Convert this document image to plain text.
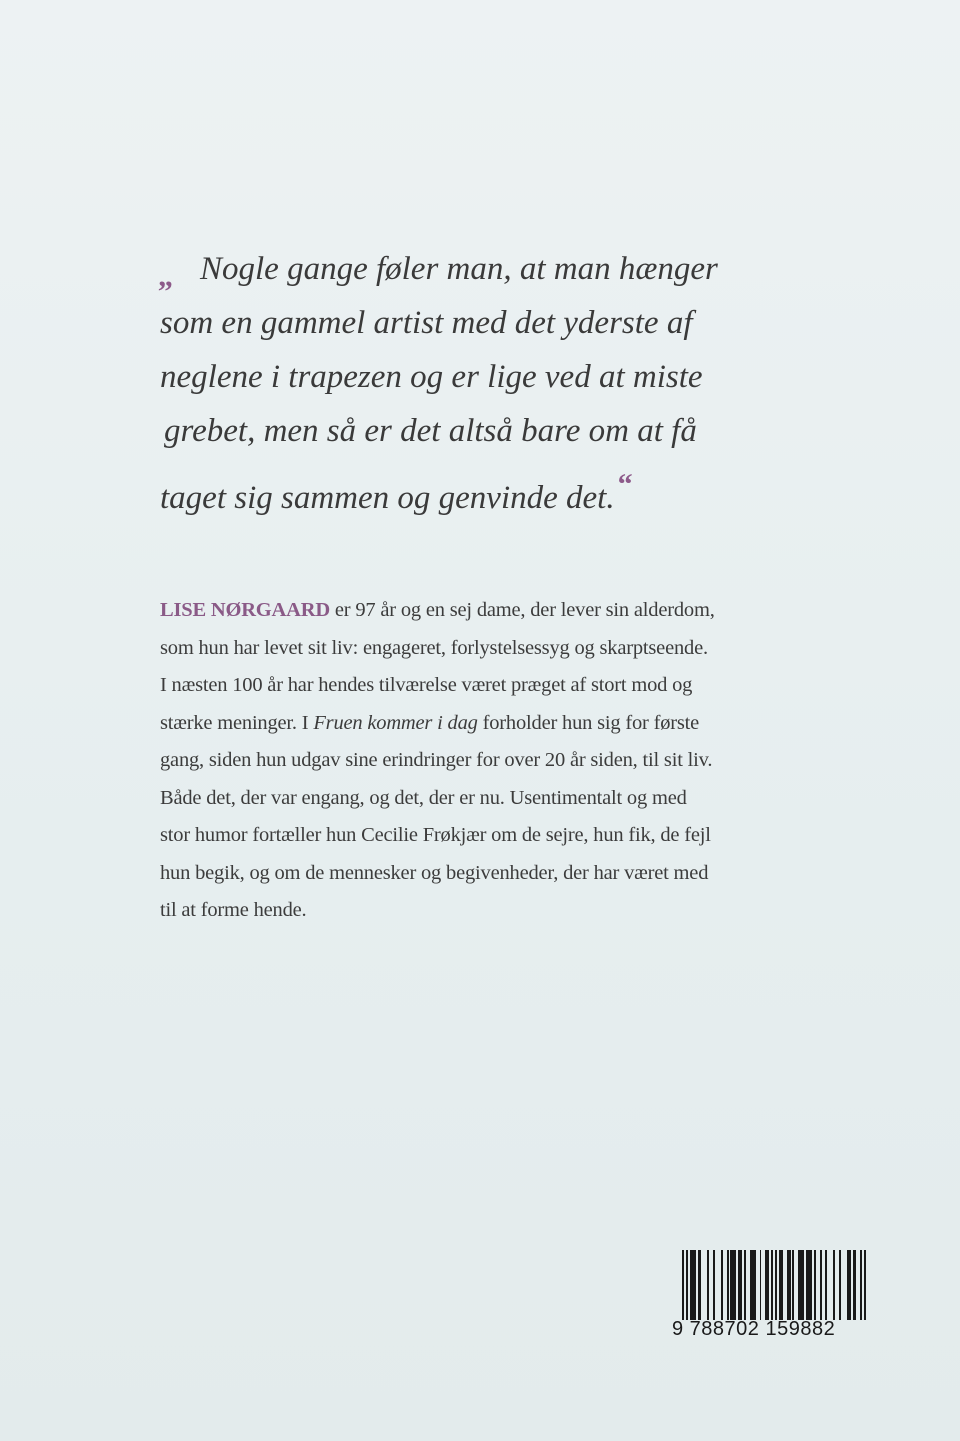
„ Nogle gange føler man, at man hænger
som en gammel artist med det yderste af
neglene i trapezen og er lige ved at miste
grebet, men så er det altså bare om at få
taget sig sammen og genvinde det. “
LISE NØRGAARD er 97 år og en sej dame, der lever sin alderdom,
som hun har levet sit liv: engageret, forlystelsessyg og skarptseende.
I næsten 100 år har hendes tilværelse været præget af stort mod og
stærke meninger. I Fruen kommer i dag forholder hun sig for første
gang, siden hun udgav sine erindringer for over 20 år siden, til sit liv.
Både det, der var engang, og det, der er nu. Usentimentalt og med
stor humor fortæller hun Cecilie Frøkjær om de sejre, hun fik, de fejl
hun begik, og om de mennesker og begivenheder, der har været med
til at forme hende.
9 788702 159882
